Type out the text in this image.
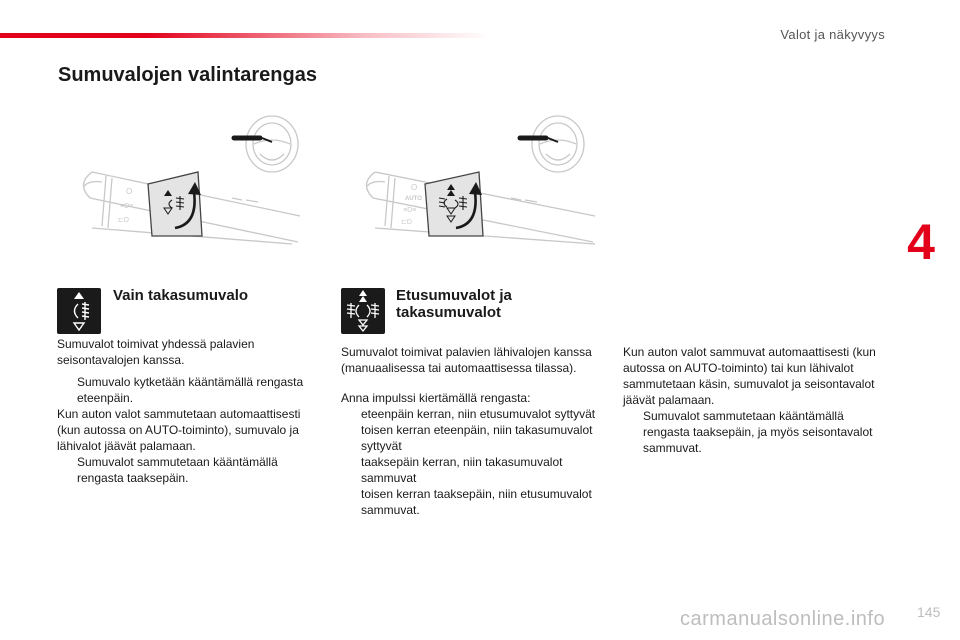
Valot ja näkyvyys
4
Sumuvalojen valintarengas
O
≡D≡
⊏D
O
AUTO
≡D≡
⊏D
Vain takasumuvalo	Etusumuvalot ja takasumuvalot

Sumuvalot toimivat yhdessä palavien seisontavalojen kanssa.

Sumuvalo kytketään kääntämällä rengasta eteenpäin.

Kun auton valot sammutetaan automaattisesti (kun autossa on AUTO-toiminto), sumuvalo ja lähivalot jäävät palamaan.

Sumuvalot sammutetaan kääntämällä rengasta taaksepäin.

Sumuvalot toimivat palavien lähivalojen kanssa (manuaalisessa tai automaattisessa tilassa).

Anna impulssi kiertämällä rengasta:

eteenpäin kerran, niin etusumuvalot syttyvät
toisen kerran eteenpäin, niin takasumuvalot syttyvät
taaksepäin kerran, niin takasumuvalot sammuvat
toisen kerran taaksepäin, niin etusumuvalot sammuvat.

Kun auton valot sammuvat automaattisesti (kun autossa on AUTO-toiminto) tai kun lähivalot sammutetaan käsin, sumuvalot ja seisontavalot jäävät palamaan.

Sumuvalot sammutetaan kääntämällä rengasta taaksepäin, ja myös seisontavalot sammuvat.
carmanualsonline.info 145
